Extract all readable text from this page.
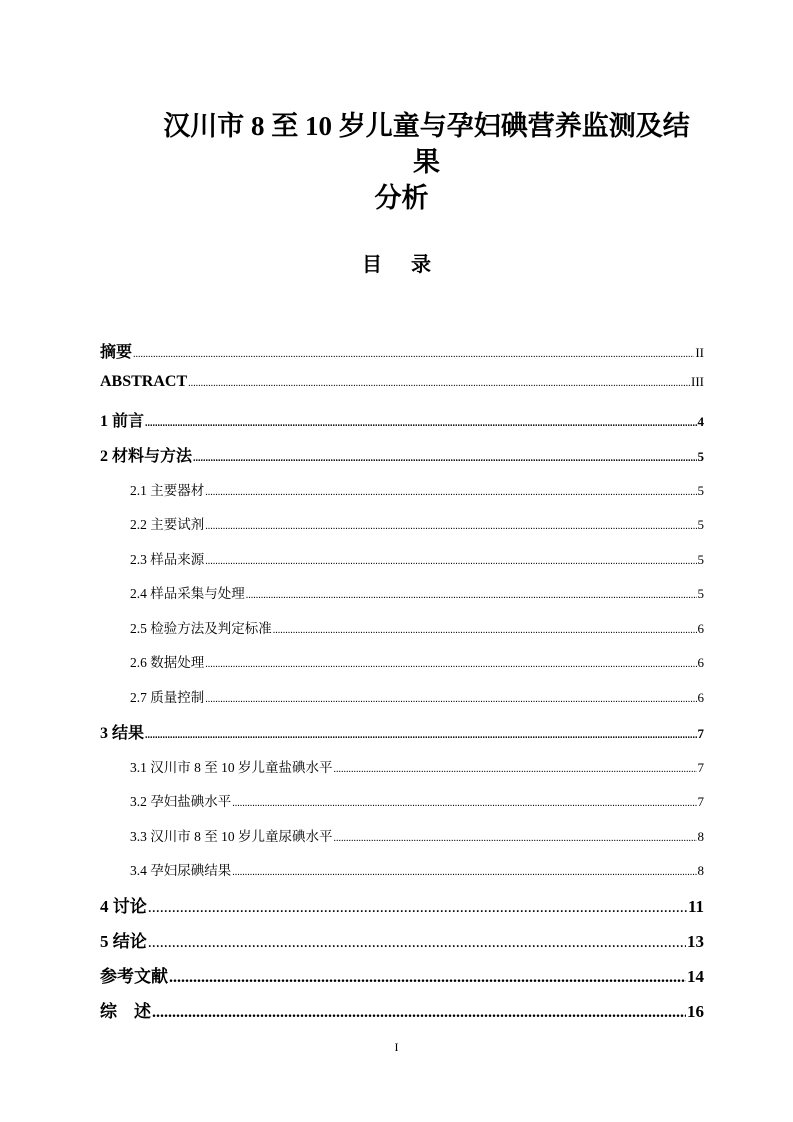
汉川市 8 至 10 岁儿童与孕妇碘营养监测及结果
分析
目 录
摘要 .....	II
ABSTRACT .....	III
1 前言 .....	4
2 材料与方法 .....	5
2.1 主要器材 .....	5
2.2 主要试剂 .....	5
2.3 样品来源 .....	5
2.4 样品采集与处理 .....	5
2.5 检验方法及判定标准 .....	6
2.6 数据处理 .....	6
2.7 质量控制 .....	6
3 结果 .....	7
3.1 汉川市 8 至 10 岁儿童盐碘水平 .....	7
3.2 孕妇盐碘水平 .....	7
3.3 汉川市 8 至 10 岁儿童尿碘水平 .....	8
3.4 孕妇尿碘结果 .....	8
4 讨论 .....	11
5 结论 .....	13
参考文献 .....	14
综    述 .....	16
I
